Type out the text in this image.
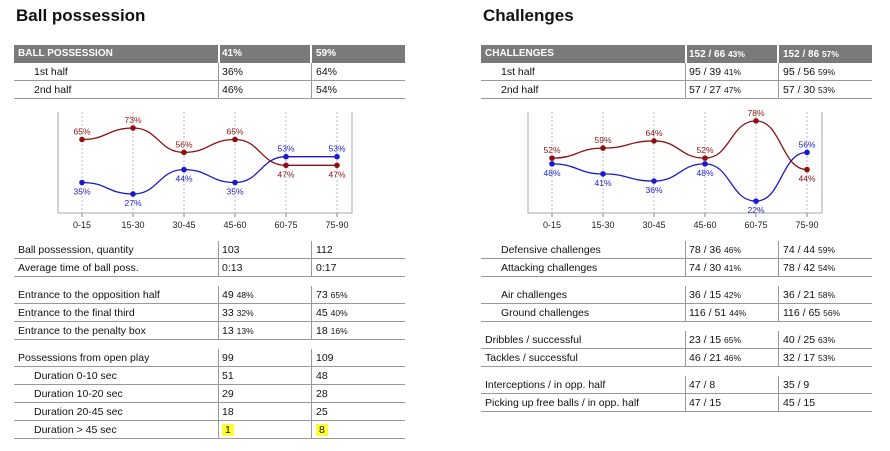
Ball possession
BALL POSSESSION	41%	59%
1st half	36%	64%
2nd half	46%	54%
0-15	15-30	30-45	45-60	60-75	75-90
35%
27%
44%
35%
53%	53%
65%
73%
56%
65%
47%	47%
Ball possession, quantity	103	112
Average time of ball poss.	0:13	0:17
Entrance to the opposition half	49 48%	73 65%
Entrance to the final third	33 32%	45 40%
Entrance to the penalty box	13 13%	18 16%
Possessions from open play	99	109
Duration 0-10 sec	51	48
Duration 10-20 sec	29	28
Duration 20-45 sec	18	25
Duration > 45 sec	1	8
Challenges
CHALLENGES	152 / 66 43%	152 / 86 57%
1st half	95 / 39 41%	95 / 56 59%
2nd half	57 / 27 47%	57 / 30 53%
0-15	15-30	30-45	45-60	60-75	75-90
48%
41%
36%
48%
22%
56%
52%
59%
64%
52%
78%
44%
Defensive challenges	78 / 36 46%	74 / 44 59%
Attacking challenges	74 / 30 41%	78 / 42 54%
Air challenges	36 / 15 42%	36 / 21 58%
Ground challenges	116 / 51 44%	116 / 65 56%
Dribbles / successful	23 / 15 65%	40 / 25 63%
Tackles / successful	46 / 21 46%	32 / 17 53%
Interceptions / in opp. half	47 / 8	35 / 9
Picking up free balls / in opp. half	47 / 15	45 / 15
